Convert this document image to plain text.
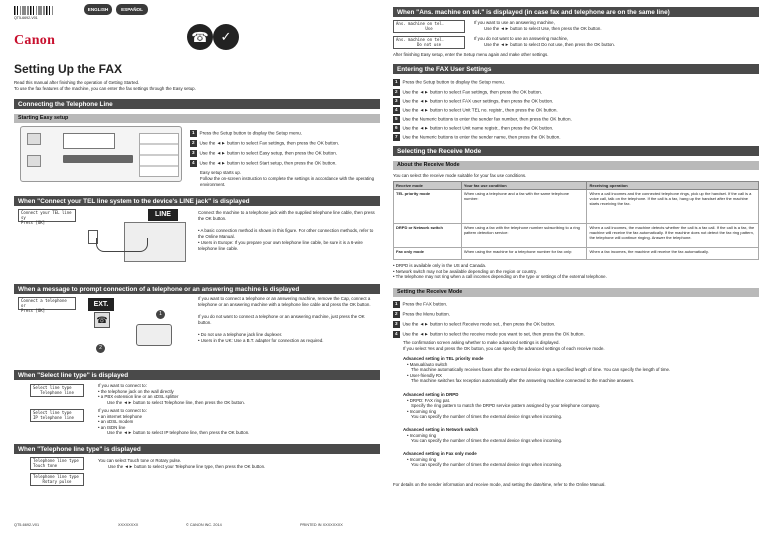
QT5-6692-V01
ENGLISH	ESPAÑOL
Canon	☎ ✓
Setting Up the FAX
Read this manual after finishing the operation of Getting Started.
To use the fax features of the machine, you can enter the fax settings through the Easy setup.
When "Ans. machine on tel." is displayed (in case fax and telephone are on the same line)
Ans. machine on tel.
Use
If you want to use an answering machine,
Use the ◄► button to select Use, then press the OK button.
Ans. machine on tel.
Do not use
If you do not want to use an answering machine,
Use the ◄► button to select Do not use, then press the OK button.
After finishing Easy setup, enter the Setup menu again and make other settings.
Connecting the Telephone Line
Starting Easy setup
1 Press the Setup button to display the Setup menu.
2 Use the ◄► button to select Fax settings, then press the OK button.
3 Use the ◄► button to select Easy setup, then press the OK button.
4 Use the ◄► button to select Start setup, then press the OK button.
Easy setup starts up.
Follow the on-screen instruction to complete the settings in accordance with the operating environment.
When "Connect your TEL line system to the device's LINE jack" is displayed
Connect your TEL line sy
Press [OK]
LINE	Connect the machine to a telephone jack with the supplied telephone line cable, then press the OK button.
• A basic connection method is shown in this figure. For other connection methods, refer to the Online Manual.
• Users in Europe: If you prepare your own telephone line cable, be sure it is a 6-wire telephone line cable.
When a message to prompt connection of a telephone or an answering machine is displayed
Connect a telephone or
Press [OK]
EXT.
☎
1
2
If you want to connect a telephone or an answering machine, remove the Cap, connect a telephone or an answering machine with a telephone line cable and press the OK button.
If you do not want to connect a telephone or an answering machine, just press the OK button.
• Do not use a telephone jack line duplexer.
• Users in the UK: Use a B.T. adapter for connection as required.
When "Select line type" is displayed
Select line type
Telephone line
If you want to connect to:
• the telephone jack on the wall directly
• a PBX extension line or an xDSL splitter
Use the ◄► button to select Telephone line, then press the OK button.
Select line type
IP telephone line
If you want to connect to:
• an internet telephone
• an xDSL modem
• an ISDN line
Use the ◄► button to select IP telephone line, then press the OK button.
When "Telephone line type" is displayed
Telephone line type
Touch tone
Telephone line type
Rotary pulse
You can select Touch tone or Rotary pulse.
Use the ◄► button to select your Telephone line type, then press the OK button.
Entering the FAX User Settings
1 Press the Setup button to display the Setup menu.
2 Use the ◄► button to select Fax settings, then press the OK button.
3 Use the ◄► button to select FAX user settings, then press the OK button.
4 Use the ◄► button to select Unit TEL no. registr., then press the OK button.
5 Use the Numeric buttons to enter the sender fax number, then press the OK button.
6 Use the ◄► button to select Unit name registr., then press the OK button.
7 Use the Numeric buttons to enter the sender name, then press the OK button.
Selecting the Receive Mode
About the Receive Mode
You can select the receive mode suitable for your fax use conditions.
Receive mode	Your fax use condition	Receiving operation
TEL priority mode	When using a telephone and a fax with the same telephone number:	When a call incomes and the connected telephone rings, pick up the handset. If the call is a voice call, talk on the telephone. If the call is a fax, hang up the handset after the machine starts receiving the fax.
DRPD or Network switch	When using a fax with the telephone number subscribing to a ring pattern detection service:	When a call incomes, the machine detects whether the call is a fax call. If the call is a fax, the machine will receive the fax automatically. If the machine does not detect the fax ring pattern, the telephone will continue ringing. Answer the telephone.
Fax only mode	When using the machine for a telephone number for fax only:	When a fax incomes, the machine will receive the fax automatically.
• DRPD is available only in the US and Canada.
• Network switch may not be available depending on the region or country.
• The telephone may not ring when a call incomes depending on the type or settings of the external telephone.
Setting the Receive Mode
1 Press the FAX button.
2 Press the Menu button.
3 Use the ◄► button to select Receive mode set., then press the OK button.
4 Use the ◄► button to select the receive mode you want to set, then press the OK button.
The confirmation screen asking whether to make advanced settings is displayed.
If you select Yes and press the OK button, you can specify the advanced settings of each receive mode.
Advanced setting in TEL priority mode
• Manual/auto switch
The machine automatically receives faxes after the external device rings a specified length of time. You can specify the length of time.
• User-friendly RX
The machine switches fax reception automatically after the answering machine connected to the machine answers.
Advanced setting in DRPD
• DRPD: FAX ring pat.
Specify the ring pattern to match the DRPD service pattern assigned by your telephone company.
• Incoming ring
You can specify the number of times the external device rings when incoming.
Advanced setting in Network switch
• Incoming ring
You can specify the number of times the external device rings when incoming.
Advanced setting in Fax only mode
• Incoming ring
You can specify the number of times the external device rings when incoming.
For details on the sender information and receive mode, and setting the date/time, refer to the Online Manual.
QT5-6692-V01	XXXXXXXX	© CANON INC. 2014	PRINTED IN XXXXXXXX
